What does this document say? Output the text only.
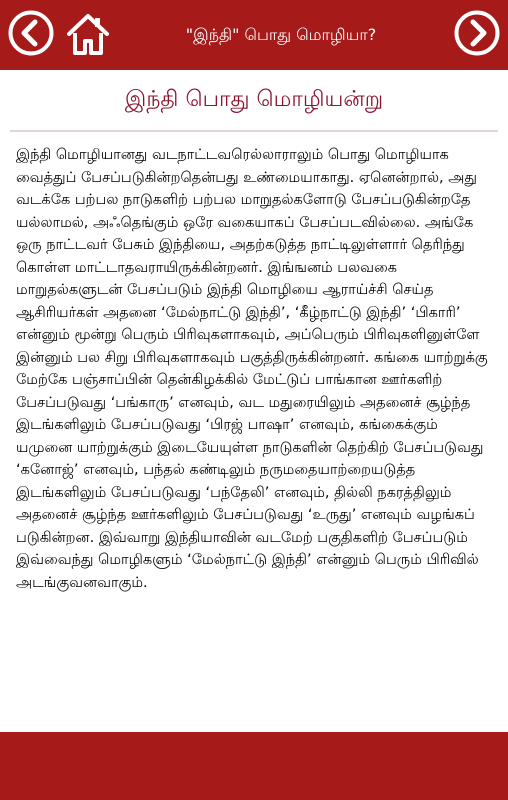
"இந்தி" பொது மொழியா?
இந்தி பொது மொழியன்று
இந்தி மொழியானது வடநாட்டவரெல்லாராலும் பொது மொழியாக வைத்துப் பேசப்படுகின்றதென்பது உண்மையாகாது. ஏனென்றால், அது வடக்கே பற்பல நாடுகளிற் பற்பல மாறுதல்களோடு பேசப்படுகின்றதே யல்லாமல், அஃதெங்கும் ஒரே வகையாகப் பேசப்படவில்லை. அங்கே ஒரு நாட்டவர் பேசும் இந்தியை, அதற்கடுத்த நாட்டிலுள்ளார் தெரிந்து கொள்ள மாட்டாதவராயிருக்கின்றனர். இங்ஙனம் பலவகை மாறுதல்களுடன் பேசப்படும் இந்தி மொழியை ஆராய்ச்சி செய்த ஆசிரியர்கள் அதனை ‘மேல்நாட்டு இந்தி’, ‘கீழ்நாட்டு இந்தி’ ‘பிகாரி’ என்னும் மூன்று பெரும் பிரிவுகளாகவும், அப்பெரும் பிரிவுகளினுள்ளே இன்னும் பல சிறு பிரிவுகளாகவும் பகுத்திருக்கின்றனர். கங்கை யாற்றுக்கு மேற்கே பஞ்சாப்பின் தென்கிழக்கில் மேட்டுப் பாங்கான ஊர்களிற் பேசப்படுவது ‘பங்காரு’ எனவும், வட மதுரையிலும் அதனைச் சூழ்ந்த இடங்களிலும் பேசப்படுவது ‘பிரஜ் பாஷா’ எனவும், கங்கைக்கும் யமுனை யாற்றுக்கும் இடையேயுள்ள நாடுகளின் தெற்கிற் பேசப்படுவது ‘கனோஜ்’ எனவும், பந்தல் கண்டிலும் நருமதையாற்றையடுத்த இடங்களிலும் பேசப்படுவது ‘பந்தேலி’ எனவும், தில்லி நகரத்திலும் அதனைச் சூழ்ந்த ஊர்களிலும் பேசப்படுவது ‘உருது’ எனவும் வழங்கப் படுகின்றன. இவ்வாறு இந்தியாவின் வடமேற் பகுதிகளிற் பேசப்படும் இவ்வைந்து மொழிகளும் ‘மேல்நாட்டு இந்தி’ என்னும் பெரும் பிரிவில் அடங்குவனவாகும்.
